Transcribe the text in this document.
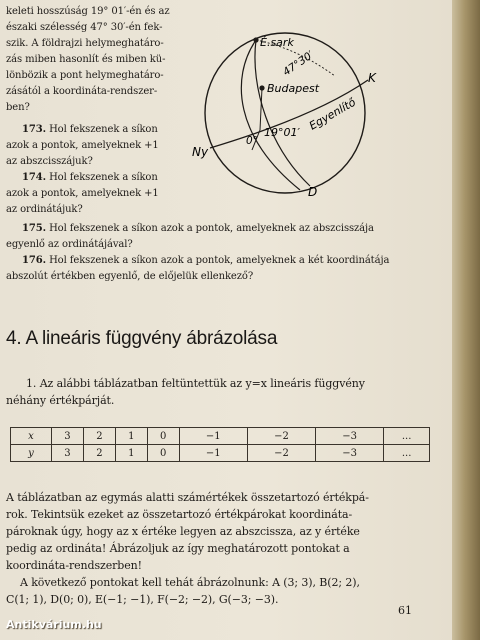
keleti hosszúság 19° 01′-én és az

északi szélesség 47° 30′-én fek-

szik. A földrajzi helymeghatáro-

zás miben hasonlít és miben kü-

lönbözik a pont helymeghatáro-

zásától a koordináta-rendszer-

ben?

173. Hol fekszenek a síkon

azok a pontok, amelyeknek +1

az abszcisszájuk?

174. Hol fekszenek a síkon

azok a pontok, amelyeknek +1

az ordinátájuk?

175. Hol fekszenek a síkon azok a pontok, amelyeknek az abszcisszája

egyenlő az ordinátájával?

176. Hol fekszenek a síkon azok a pontok, amelyeknek a két koordinátája

abszolút értékben egyenlő, de előjelük ellenkező?

É.sark
47°30′
Budapest
K
Egyenlítő
0°
19°01′
Ny
D
4. A lineáris függvény ábrázolása

1. Az alábbi táblázatban feltüntettük az y=x lineáris függvény

néhány értékpárját.

x	3	2	1	0	−1	−2	−3	...
y	3	2	1	0	−1	−2	−3	...

A táblázatban az egymás alatti számértékek összetartozó értékpá-

rok. Tekintsük ezeket az összetartozó értékpárokat koordináta-

pároknak úgy, hogy az x értéke legyen az abszcissza, az y értéke

pedig az ordináta! Ábrázoljuk az így meghatározott pontokat a

koordináta-rendszerben!

A következő pontokat kell tehát ábrázolnunk: A (3; 3), B(2; 2),

C(1; 1), D(0; 0), E(−1; −1), F(−2; −2), G(−3; −3).

61
Antikvárium.hu
